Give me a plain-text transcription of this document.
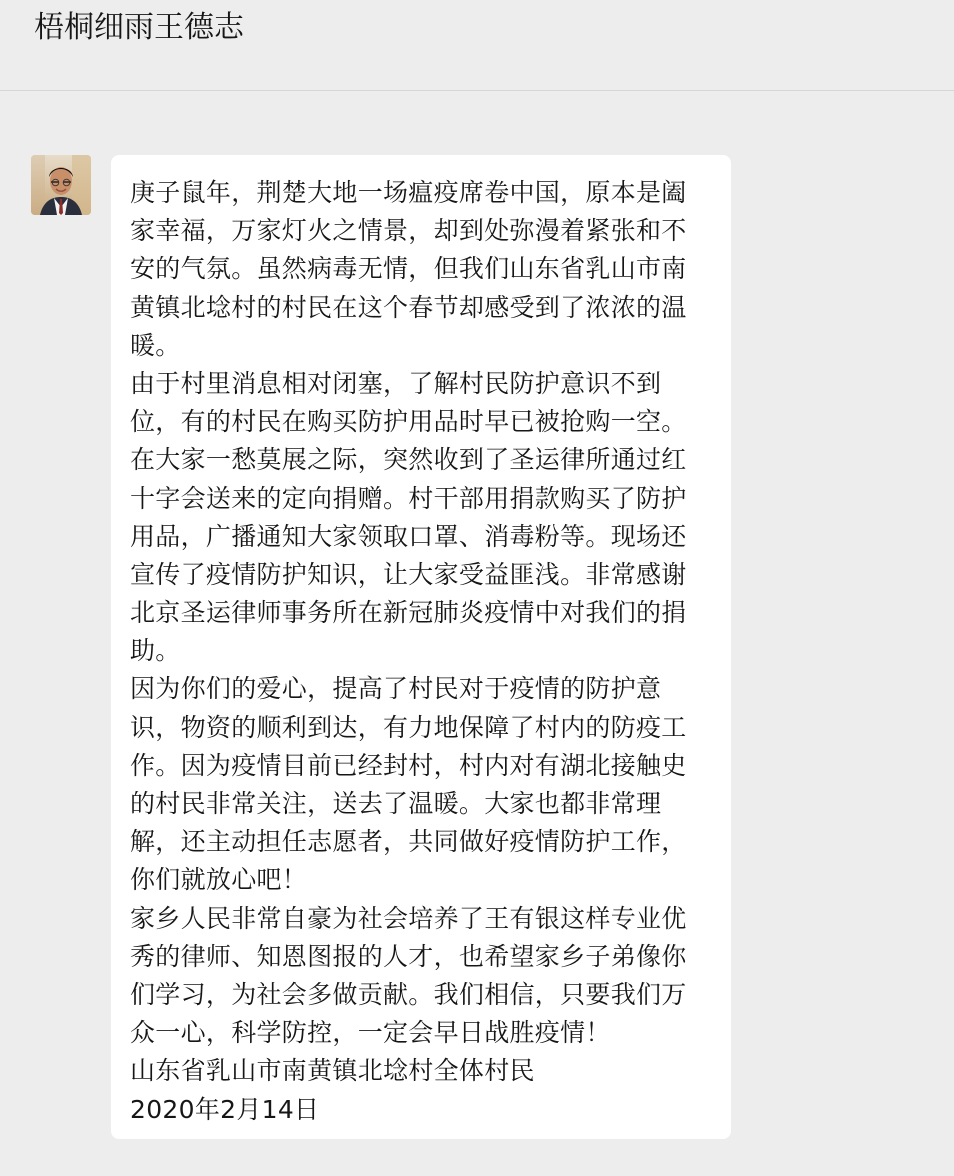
梧桐细雨王德志
庚子鼠年，荆楚大地一场瘟疫席卷中国，原本是阖
家幸福，万家灯火之情景，却到处弥漫着紧张和不
安的气氛。虽然病毒无情，但我们山东省乳山市南
黄镇北埝村的村民在这个春节却感受到了浓浓的温
暖。
由于村里消息相对闭塞，了解村民防护意识不到
位，有的村民在购买防护用品时早已被抢购一空。
在大家一愁莫展之际，突然收到了圣运律所通过红
十字会送来的定向捐赠。村干部用捐款购买了防护
用品，广播通知大家领取口罩、消毒粉等。现场还
宣传了疫情防护知识，让大家受益匪浅。非常感谢
北京圣运律师事务所在新冠肺炎疫情中对我们的捐
助。
因为你们的爱心，提高了村民对于疫情的防护意
识，物资的顺利到达，有力地保障了村内的防疫工
作。因为疫情目前已经封村，村内对有湖北接触史
的村民非常关注，送去了温暖。大家也都非常理
解，还主动担任志愿者，共同做好疫情防护工作，
你们就放心吧！
家乡人民非常自豪为社会培养了王有银这样专业优
秀的律师、知恩图报的人才，也希望家乡子弟像你
们学习，为社会多做贡献。我们相信，只要我们万
众一心，科学防控，一定会早日战胜疫情！
山东省乳山市南黄镇北埝村全体村民
2020年2月14日
